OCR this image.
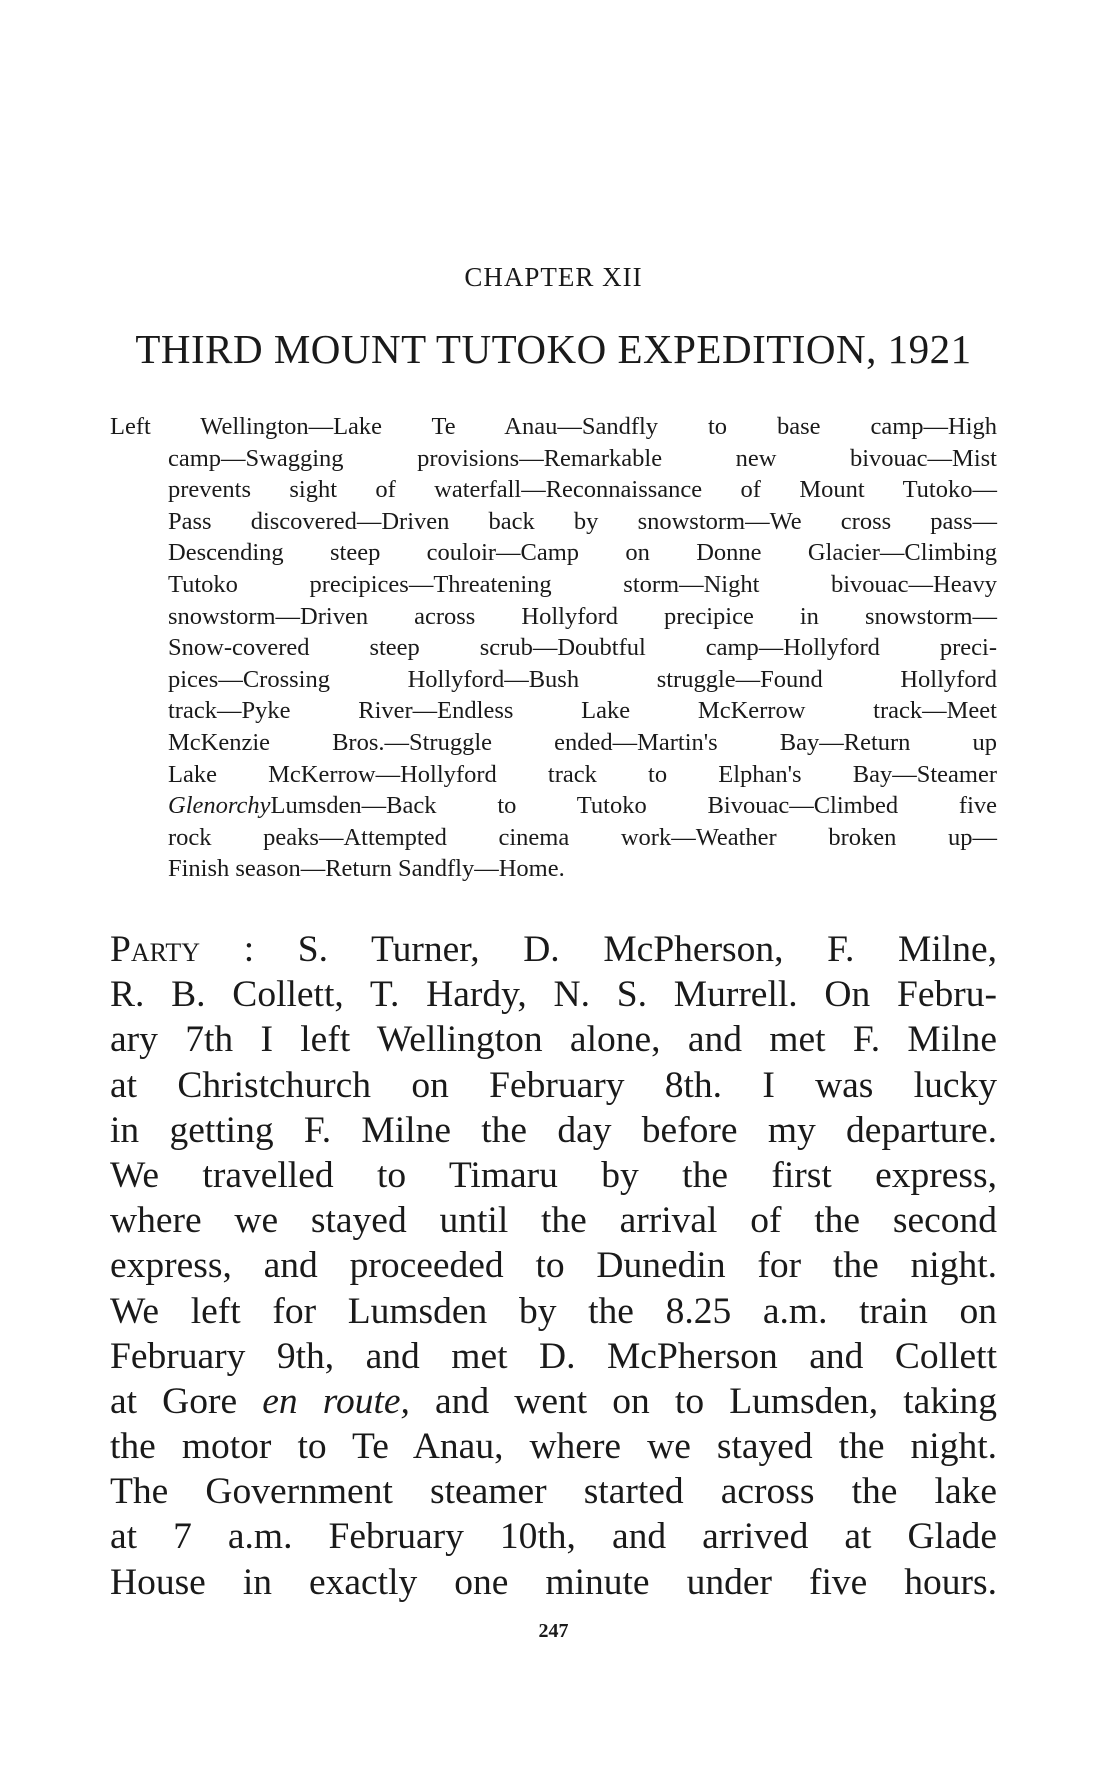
CHAPTER XII
THIRD MOUNT TUTOKO EXPEDITION, 1921
Left Wellington—Lake Te Anau—Sandfly to base camp—High
camp—Swagging provisions—Remarkable new bivouac—Mist
prevents sight of waterfall—Reconnaissance of Mount Tutoko—
Pass discovered—Driven back by snowstorm—We cross pass—
Descending steep couloir—Camp on Donne Glacier—Climbing
Tutoko precipices—Threatening storm—Night bivouac—Heavy
snowstorm—Driven across Hollyford precipice in snowstorm—
Snow-covered steep scrub—Doubtful camp—Hollyford preci-
pices—Crossing Hollyford—Bush struggle—Found Hollyford
track—Pyke River—Endless Lake McKerrow track—Meet
McKenzie Bros.—Struggle ended—Martin's Bay—Return up
Lake McKerrow—Hollyford track to Elphan's Bay—Steamer
GlenorchyLumsden—Back to Tutoko Bivouac—Climbed five
rock peaks—Attempted cinema work—Weather broken up—
Finish season—Return Sandfly—Home.
Party : S. Turner, D. McPherson, F. Milne,
R. B. Collett, T. Hardy, N. S. Murrell. On Febru-
ary 7th I left Wellington alone, and met F. Milne
at Christchurch on February 8th. I was lucky
in getting F. Milne the day before my departure.
We travelled to Timaru by the first express,
where we stayed until the arrival of the second
express, and proceeded to Dunedin for the night.
We left for Lumsden by the 8.25 a.m. train on
February 9th, and met D. McPherson and Collett
at Gore en route, and went on to Lumsden, taking
the motor to Te Anau, where we stayed the night.
The Government steamer started across the lake
at 7 a.m. February 10th, and arrived at Glade
House in exactly one minute under five hours.
247
